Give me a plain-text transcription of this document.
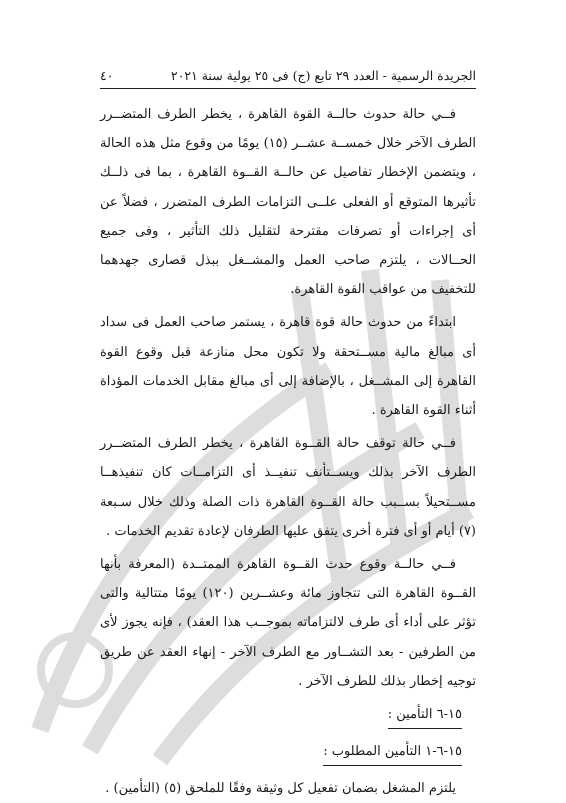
الجريدة الرسمية - العدد ٢٩ تابع (ج) فى ٢٥ يولية سنة ٢٠٢١
٤٠

فــي حالة حدوث حالــة القوة القاهرة ، يخطر الطرف المتضــرر الطرف الآخر خلال خمســة عشــر (١٥) يومًا من وقوع مثل هذه الحالة ، ويتضمن الإخطار تفاصيل عن حالــة القــوة القاهرة ، بما فى ذلــك تأثيرها المتوقع أو الفعلى علــى التزامات الطرف المتضرر ، فضلاً عن أى إجراءات أو تصرفات مقترحة لتقليل ذلك التأثير ، وفى جميع الحــالات ، يلتزم صاحب العمل والمشــغل ببذل قصارى جهدهما للتخفيف من عواقب القوة القاهرة.

ابتداءً من حدوث حالة قوة قاهرة ، يستمر صاحب العمل فى سداد أى مبالغ مالية مســتحقة ولا تكون محل منازعة قبل وقوع القوة القاهرة إلى المشــغل ، بالإضافة إلى أى مبالغ مقابل الخدمات المؤداة أثناء القوة القاهرة .

فــي حالة توقف حالة القــوة القاهرة ، يخطر الطرف المتضــرر الطرف الآخر بذلك ويســتأنف تنفيــذ أى التزامــات كان تنفيذهــا مســتحيلاً بســبب حالة القــوة القاهرة ذات الصلة وذلك خلال سـبعة (٧) أيام أو أى فترة أخرى يتفق عليها الطرفان لإعادة تقديم الخدمات .

فــي حالــة وقوع حدث القــوة القاهرة الممتــدة (المعرفة بأنها القــوة القاهرة التى تتجاوز مائة وعشــرين (١٢٠) يومًا متتالية والتى تؤثر على أداء أى طرف لالتزاماته بموجــب هذا العقد) ، فإنه يجوز لأى من الطرفين - بعد التشــاور مع الطرف الآخر - إنهاء العقد عن طريق توجيه إخطار بذلك للطرف الآخر .

١٥-٦ التأمين :

١٥-٦-١ التأمين المطلوب :

يلتزم المشغل بضمان تفعيل كل وثيقة وفقًا للملحق (٥) (التأمين) .
